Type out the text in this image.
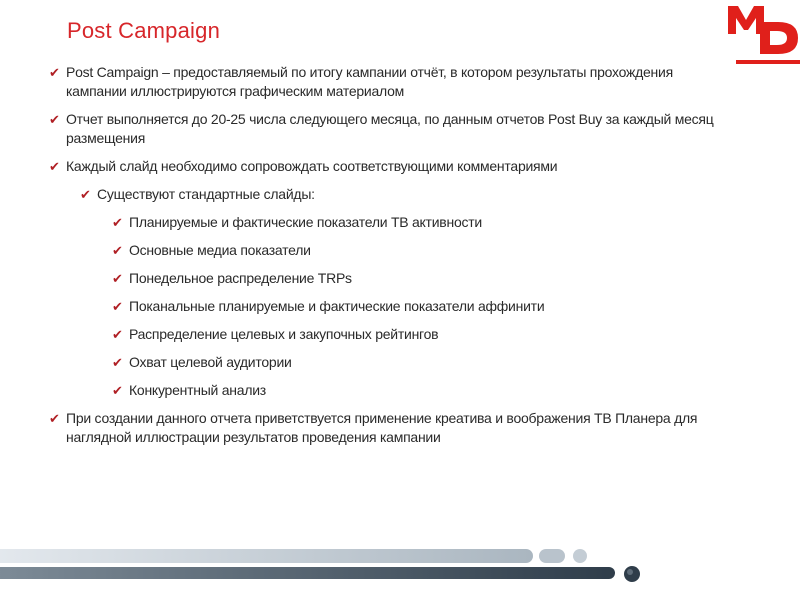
Post Campaign
✔ Post Campaign – предоставляемый по итогу кампании отчёт, в котором результаты прохождения кампании иллюстрируются графическим материалом
✔ Отчет выполняется до 20-25 числа следующего месяца, по данным отчетов Post Buy за каждый месяц размещения
✔ Каждый слайд необходимо сопровождать соответствующими комментариями
✔ Существуют стандартные слайды:
✔ Планируемые и фактические показатели ТВ активности
✔ Основные медиа показатели
✔ Понедельное распределение TRPs
✔ Поканальные планируемые и фактические показатели аффинити
✔ Распределение целевых и закупочных рейтингов
✔ Охват целевой аудитории
✔ Конкурентный анализ
✔ При создании данного отчета приветствуется применение креатива и воображения ТВ Планера для наглядной иллюстрации результатов проведения кампании
